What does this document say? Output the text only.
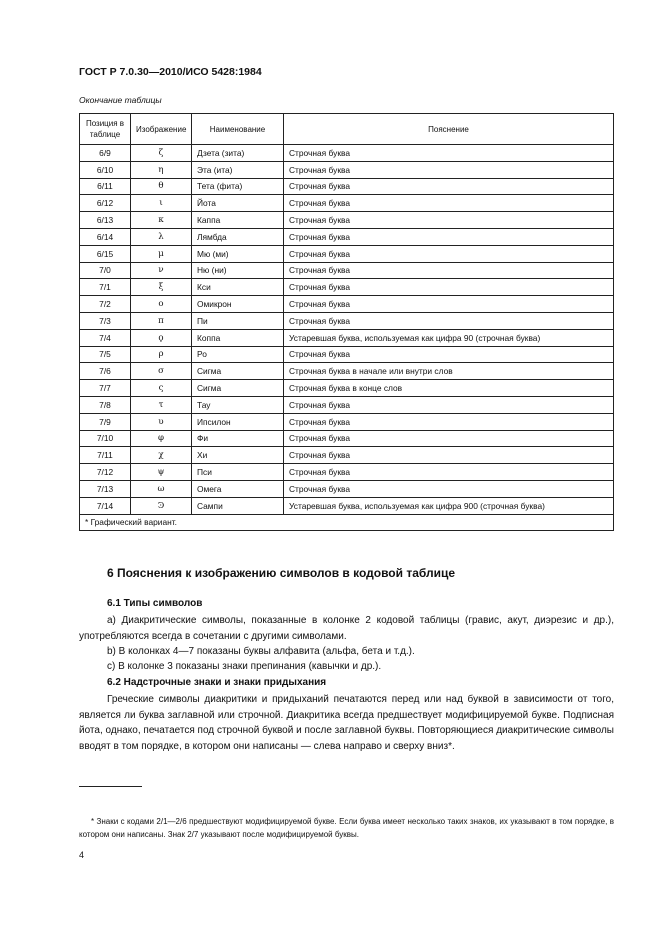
ГОСТ Р 7.0.30—2010/ИСО 5428:1984
Окончание таблицы
Позиция в таблице	Изображение	Наименование	Пояснение
6/9	ζ	Дзета (зита)	Строчная буква
6/10	η	Эта (ита)	Строчная буква
6/11	θ	Тета (фита)	Строчная буква
6/12	ι	Йота	Строчная буква
6/13	κ	Каппа	Строчная буква
6/14	λ	Лямбда	Строчная буква
6/15	μ	Мю (ми)	Строчная буква
7/0	ν	Ню (ни)	Строчная буква
7/1	ξ	Кси	Строчная буква
7/2	ο	Омикрон	Строчная буква
7/3	π	Пи	Строчная буква
7/4	ϙ	Коппа	Устаревшая буква, используемая как цифра 90 (строчная буква)
7/5	ρ	Ро	Строчная буква
7/6	σ	Сигма	Строчная буква в начале или внутри слов
7/7	ς	Сигма	Строчная буква в конце слов
7/8	τ	Тау	Строчная буква
7/9	υ	Ипсилон	Строчная буква
7/10	φ	Фи	Строчная буква
7/11	χ	Хи	Строчная буква
7/12	ψ	Пси	Строчная буква
7/13	ω	Омега	Строчная буква
7/14	Ͽ	Сампи	Устаревшая буква, используемая как цифра 900 (строчная буква)
* Графический вариант.			
6 Пояснения к изображению символов в кодовой таблице
6.1 Типы символов

а) Диакритические символы, показанные в колонке 2 кодовой таблицы (гравис, акут, диэрезис и др.), употребляются всегда в сочетании с другими символами.

b) В колонках 4—7 показаны буквы алфавита (альфа, бета и т.д.).

с) В колонке 3 показаны знаки препинания (кавычки и др.).

6.2 Надстрочные знаки и знаки придыхания

Греческие символы диакритики и придыханий печатаются перед или над буквой в зависимости от того, является ли буква заглавной или строчной. Диакритика всегда предшествует модифицируемой букве. Подписная йота, однако, печатается под строчной буквой и после заглавной буквы. Повторяющиеся диакритические символы вводят в том порядке, в котором они написаны — слева направо и сверху вниз*.

* Знаки с кодами 2/1—2/6 предшествуют модифицируемой букве. Если буква имеет несколько таких знаков, их указывают в том порядке, в котором они написаны. Знак 2/7 указывают после модифицируемой буквы.

4
